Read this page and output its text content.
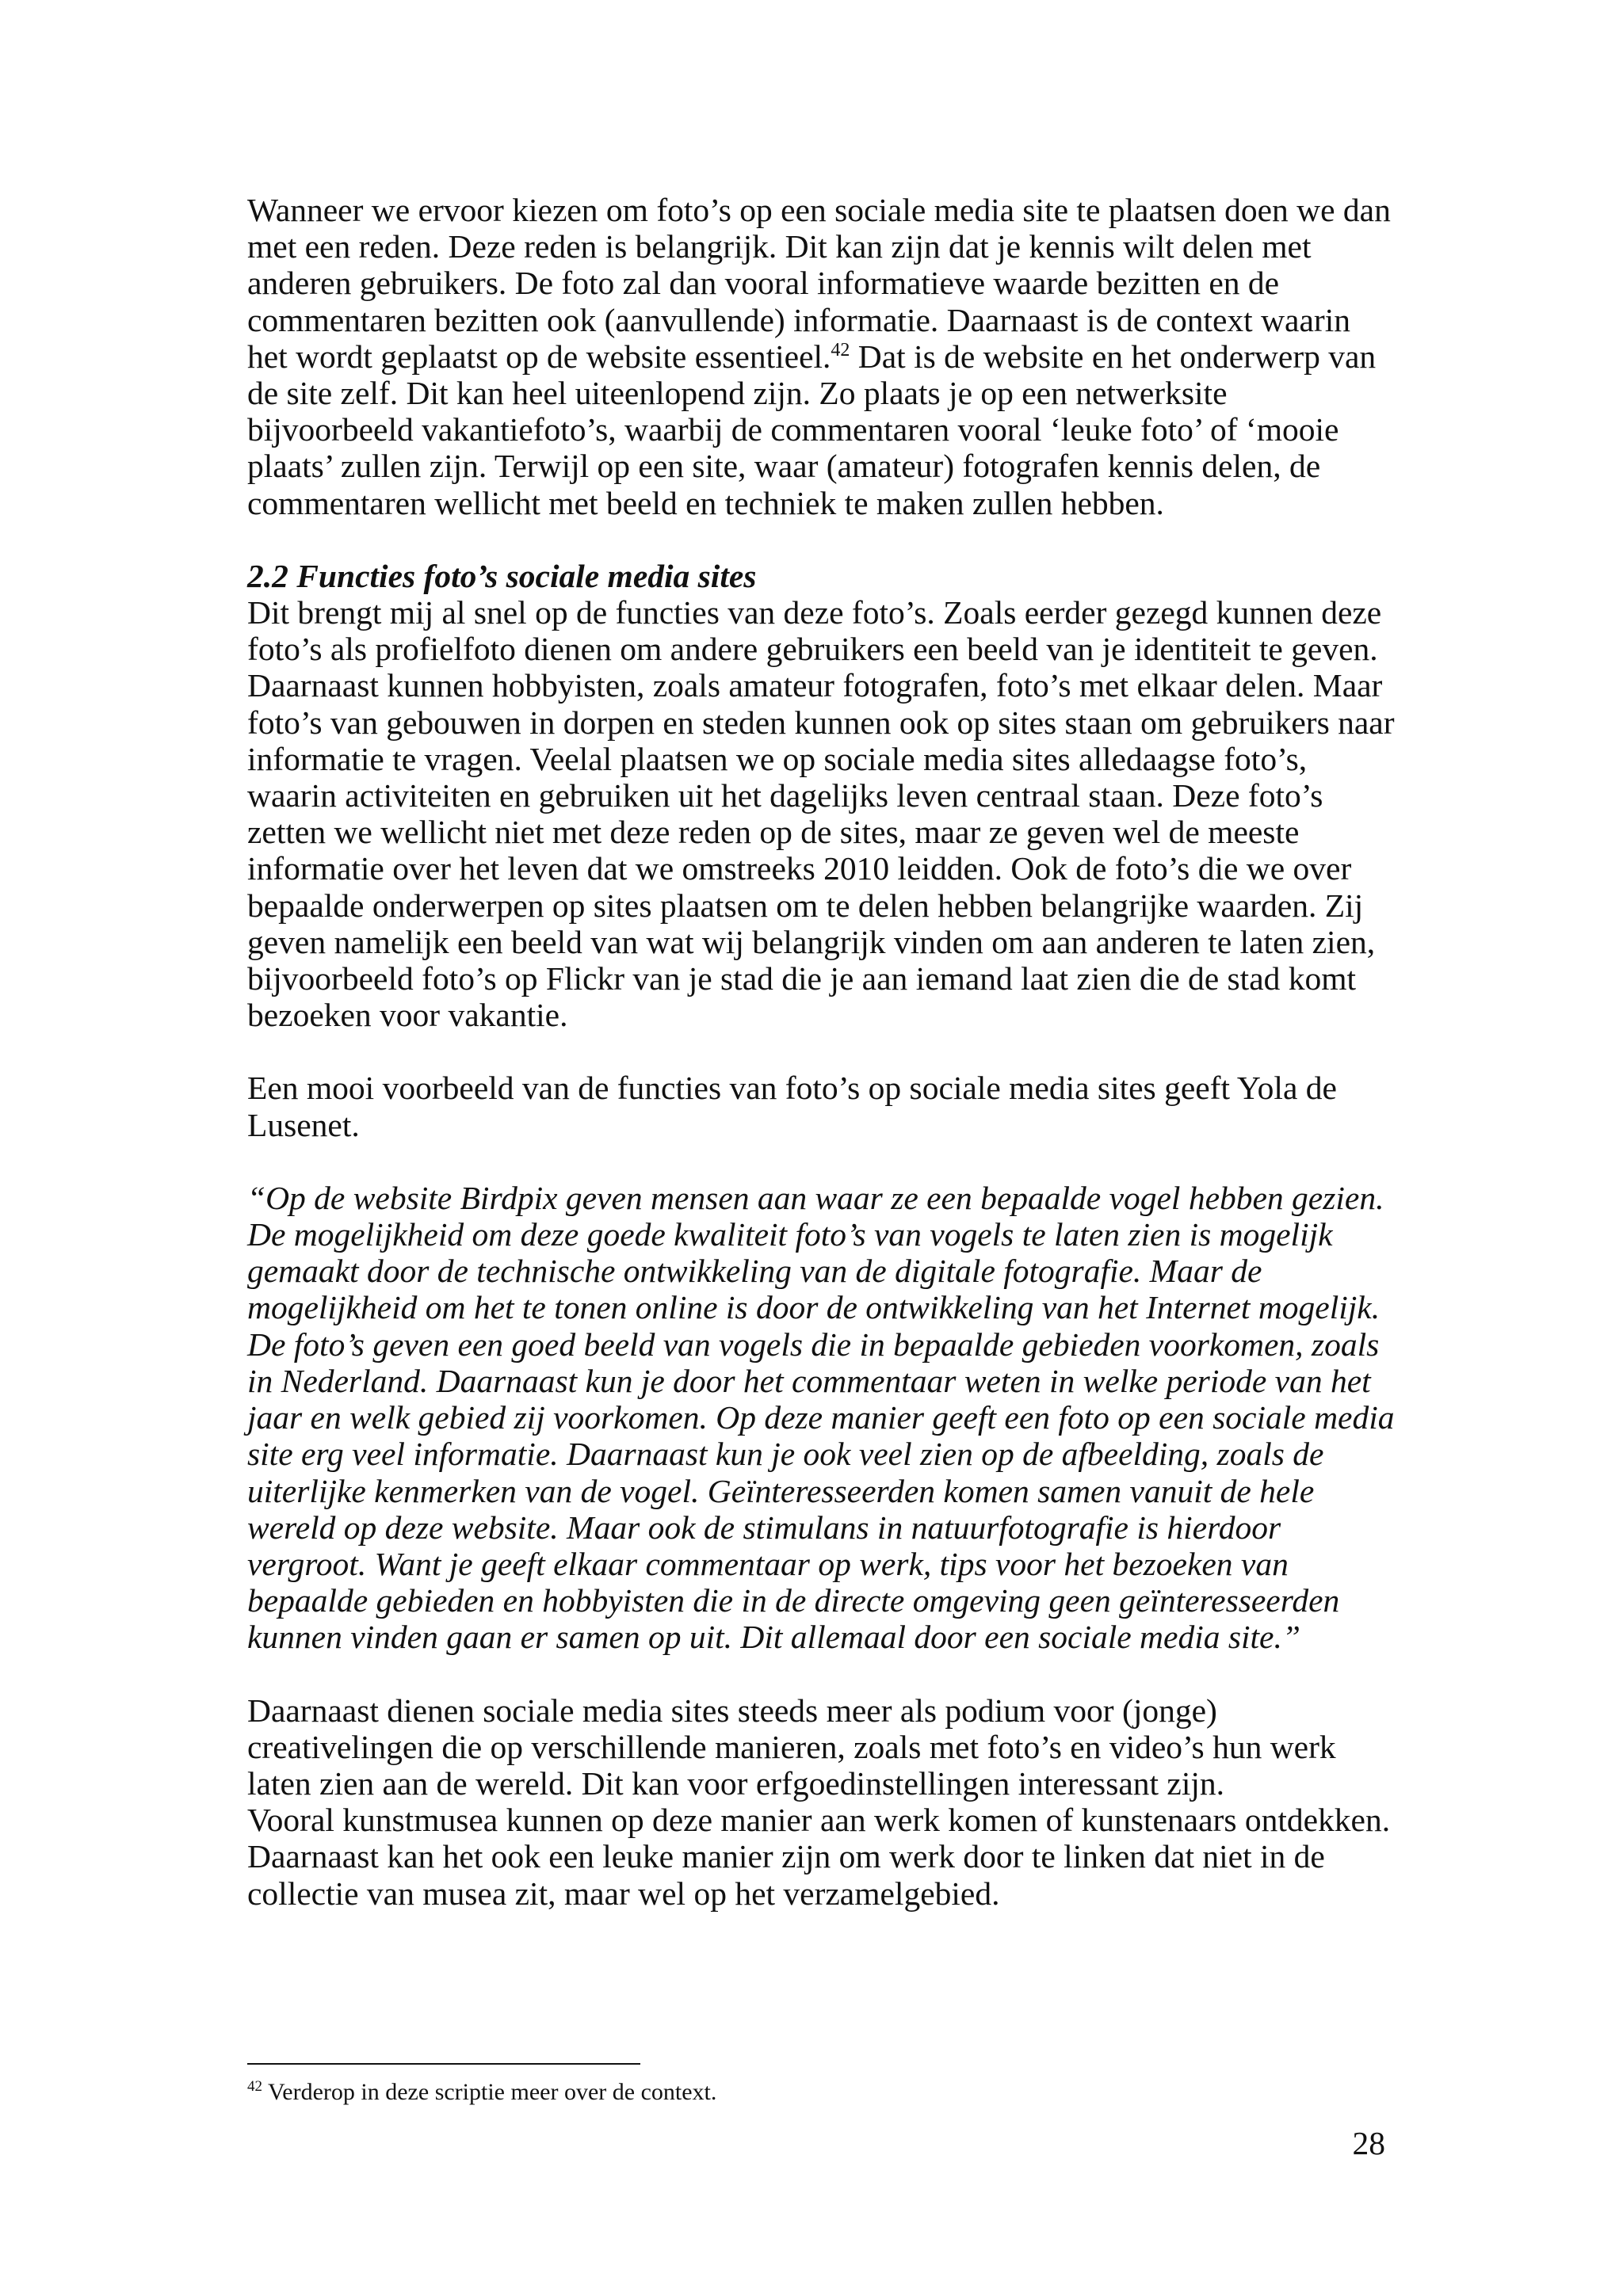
Wanneer we ervoor kiezen om foto’s op een sociale media site te plaatsen doen we dan met een reden. Deze reden is belangrijk. Dit kan zijn dat je kennis wilt delen met anderen gebruikers. De foto zal dan vooral informatieve waarde bezitten en de commentaren bezitten ook (aanvullende) informatie. Daarnaast is de context waarin het wordt geplaatst op de website essentieel.$^{42}$ Dat is de website en het onderwerp van de site zelf. Dit kan heel uiteenlopend zijn. Zo plaats je op een netwerksite bijvoorbeeld vakantiefoto’s, waarbij de commentaren vooral ‘leuke foto’ of ‘mooie plaats’ zullen zijn. Terwijl op een site, waar (amateur) fotografen kennis delen, de commentaren wellicht met beeld en techniek te maken zullen hebben.

2.2 Functies foto’s sociale media sites

Dit brengt mij al snel op de functies van deze foto’s. Zoals eerder gezegd kunnen deze foto’s als profielfoto dienen om andere gebruikers een beeld van je identiteit te geven. Daarnaast kunnen hobbyisten, zoals amateur fotografen, foto’s met elkaar delen. Maar foto’s van gebouwen in dorpen en steden kunnen ook op sites staan om gebruikers naar informatie te vragen. Veelal plaatsen we op sociale media sites alledaagse foto’s, waarin activiteiten en gebruiken uit het dagelijks leven centraal staan. Deze foto’s zetten we wellicht niet met deze reden op de sites, maar ze geven wel de meeste informatie over het leven dat we omstreeks 2010 leidden. Ook de foto’s die we over bepaalde onderwerpen op sites plaatsen om te delen hebben belangrijke waarden. Zij geven namelijk een beeld van wat wij belangrijk vinden om aan anderen te laten zien, bijvoorbeeld foto’s op Flickr van je stad die je aan iemand laat zien die de stad komt bezoeken voor vakantie.

Een mooi voorbeeld van de functies van foto’s op sociale media sites geeft Yola de Lusenet.

“Op de website Birdpix geven mensen aan waar ze een bepaalde vogel hebben gezien. De mogelijkheid om deze goede kwaliteit foto’s van vogels te laten zien is mogelijk gemaakt door de technische ontwikkeling van de digitale fotografie. Maar de mogelijkheid om het te tonen online is door de ontwikkeling van het Internet mogelijk. De foto’s geven een goed beeld van vogels die in bepaalde gebieden voorkomen, zoals in Nederland. Daarnaast kun je door het commentaar weten in welke periode van het jaar en welk gebied zij voorkomen. Op deze manier geeft een foto op een sociale media site erg veel informatie. Daarnaast kun je ook veel zien op de afbeelding, zoals de uiterlijke kenmerken van de vogel. Geïnteresseerden komen samen vanuit de hele wereld op deze website. Maar ook de stimulans in natuurfotografie is hierdoor vergroot. Want je geeft elkaar commentaar op werk, tips voor het bezoeken van bepaalde gebieden en hobbyisten die in de directe omgeving geen geïnteresseerden kunnen vinden gaan er samen op uit. Dit allemaal door een sociale media site.”

Daarnaast dienen sociale media sites steeds meer als podium voor (jonge) creativelingen die op verschillende manieren, zoals met foto’s en video’s hun werk laten zien aan de wereld. Dit kan voor erfgoedinstellingen interessant zijn.
Vooral kunstmusea kunnen op deze manier aan werk komen of kunstenaars ontdekken. Daarnaast kan het ook een leuke manier zijn om werk door te linken dat niet in de collectie van musea zit, maar wel op het verzamelgebied.

$^{42}$ Verderop in deze scriptie meer over de context.
28
